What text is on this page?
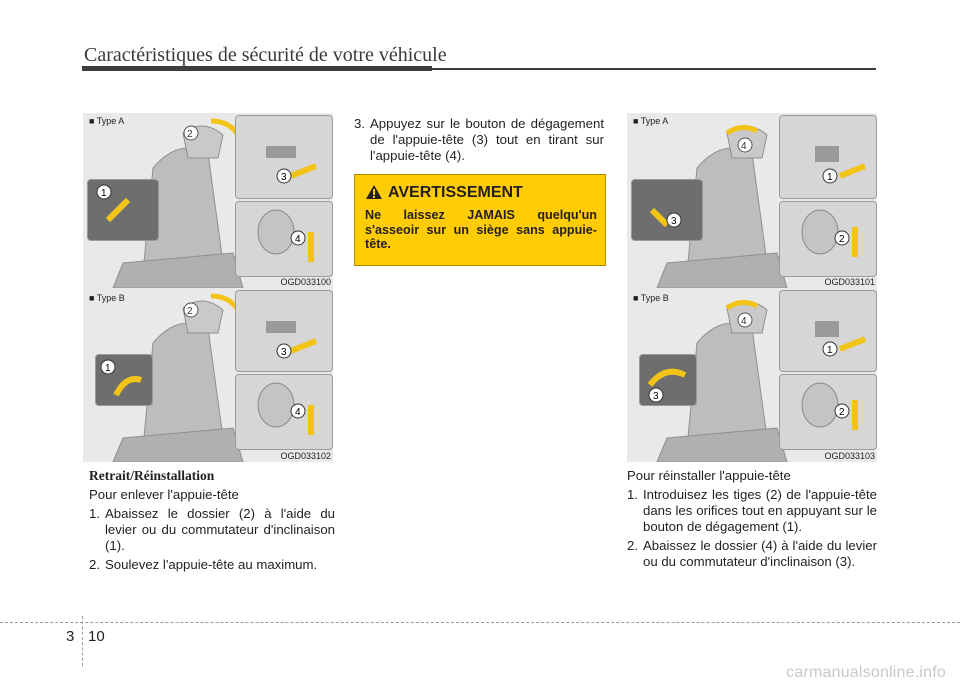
Caractéristiques de sécurité de votre véhicule
■ Type A
2
1
3
4
OGD033100
■ Type B
2
1
3
4
OGD033102
Retrait/Réinstallation
Pour enlever l'appuie-tête
1. Abaissez le dossier (2) à l'aide du levier ou du commutateur d'inclinaison (1).
2. Soulevez l'appuie-tête au maximum.
3. Appuyez sur le bouton de dégagement de l'appuie-tête (3) tout en tirant sur l'appuie-tête (4).
AVERTISSEMENT
Ne laissez JAMAIS quelqu'un s'asseoir sur un siège sans appuie-tête.
■ Type A
4
3
1
2
OGD033101
■ Type B
4
3
1
2
OGD033103
Pour réinstaller l'appuie-tête
1. Introduisez les tiges (2) de l'appuie-tête dans les orifices tout en appuyant sur le bouton de dégagement (1).
2. Abaissez le dossier (4) à l'aide du levier ou du commutateur d'inclinaison (3).
3 10
carmanualsonline.info
